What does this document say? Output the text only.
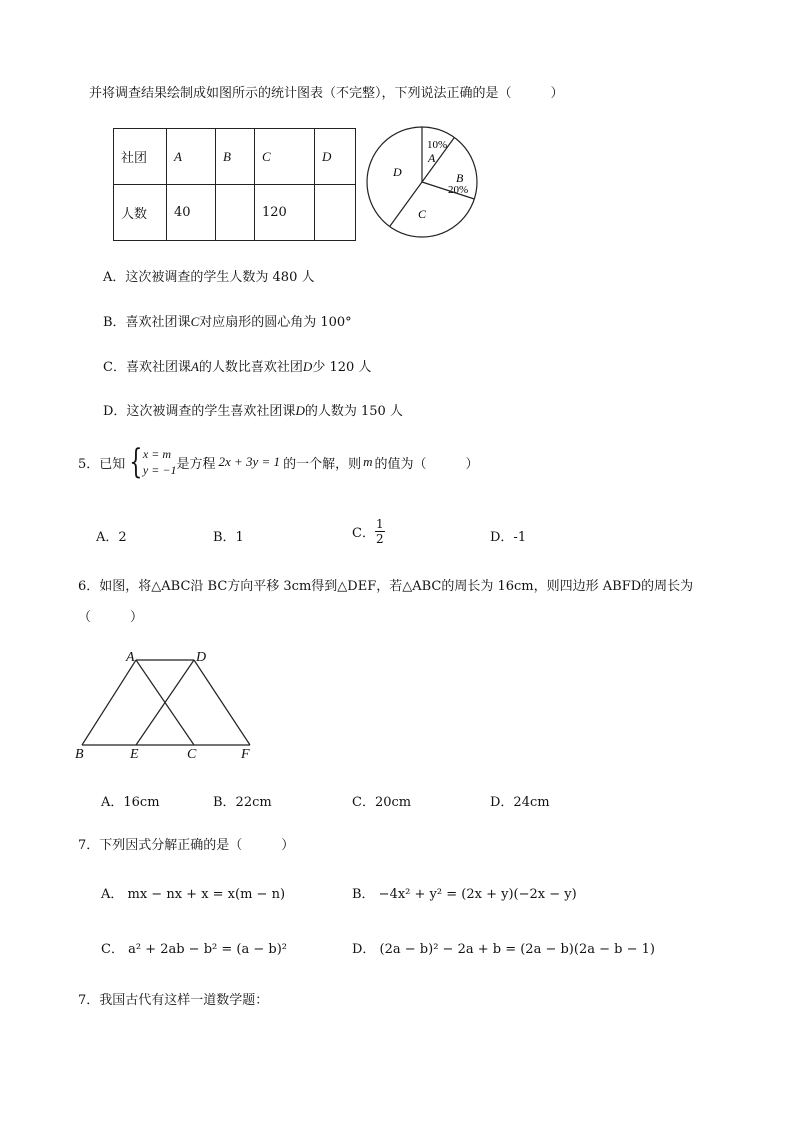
并将调查结果绘制成如图所示的统计图表（不完整），下列说法正确的是（　　　）
社团	A	B	C	D
人数	40		120	
10%
A
B
20%
C
D
A．这次被调查的学生人数为 480 人
B．喜欢社团课C对应扇形的圆心角为 100°
C．喜欢社团课A的人数比喜欢社团D少 120 人
D．这次被调查的学生喜欢社团课D的人数为 150 人
5．已知 { x = m
y = −1 是方程 2x + 3y = 1 的一个解，则 m 的值为（　　　）
A．2	B．1	C． $\frac{1}{2}$	D．-1
6．如图，将△ABC沿 BC方向平移 3cm得到△DEF，若△ABC的周长为 16cm，则四边形 ABFD的周长为
（　　　）
A	D
B	E	C	F
A．16cm	B．22cm	C．20cm	D．24cm
7．下列因式分解正确的是（　　　）
A． mx − nx + x = x(m − n)	B． −4x² + y² = (2x + y)(−2x − y)
C． a² + 2ab − b² = (a − b)²	D． (2a − b)² − 2a + b = (2a − b)(2a − b − 1)
7．我国古代有这样一道数学题：
